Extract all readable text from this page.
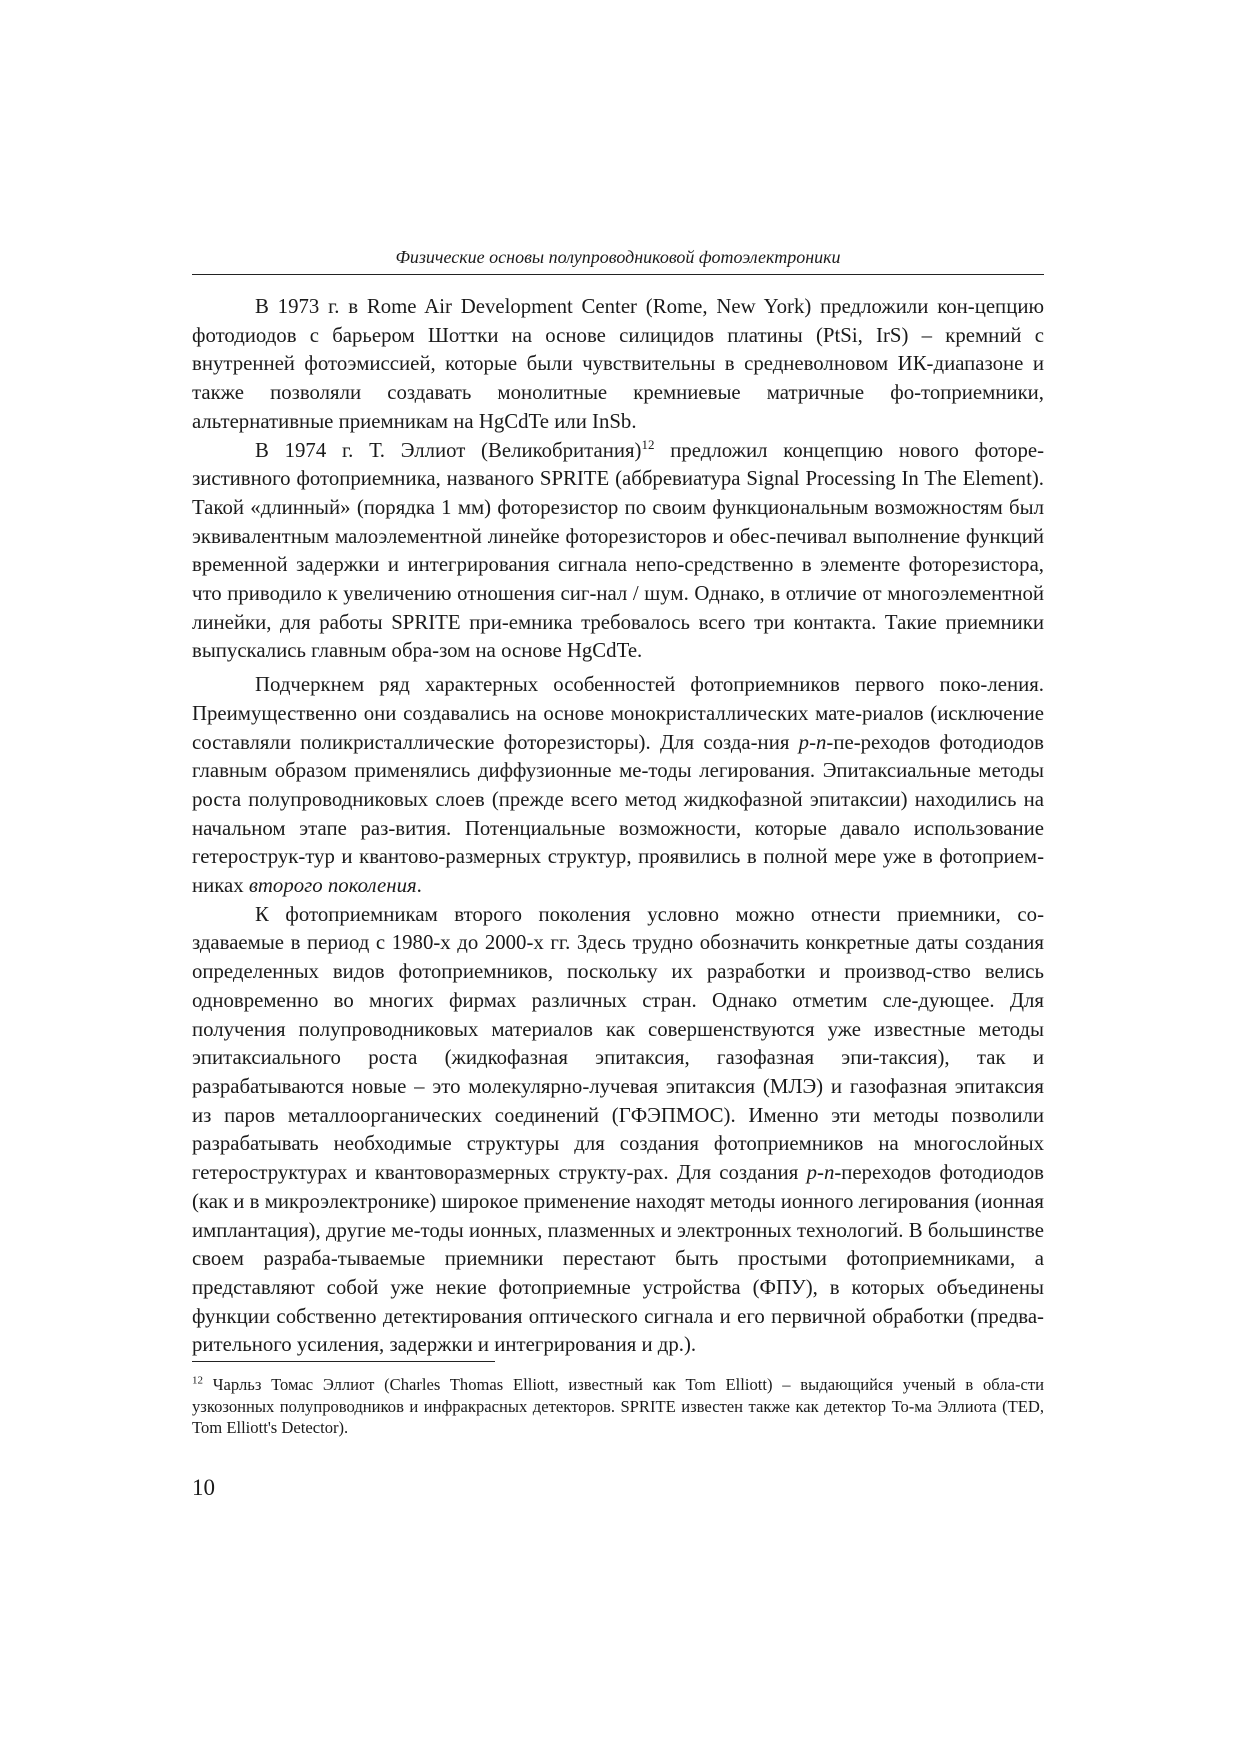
Физические основы полупроводниковой фотоэлектроники

В 1973 г. в Rome Air Development Center (Rome, New York) предложили кон-цепцию фотодиодов с барьером Шоттки на основе силицидов платины (PtSi, IrS) – кремний с внутренней фотоэмиссией, которые были чувствительны в средневолновом ИК-диапазоне и также позволяли создавать монолитные кремниевые матричные фо-топриемники, альтернативные приемникам на HgCdTe или InSb.

В 1974 г. Т. Эллиот (Великобритания)$^{12}$ предложил концепцию нового фоторе-зистивного фотоприемника, названого SPRITE (аббревиатура Signal Processing In The Element). Такой «длинный» (порядка 1 мм) фоторезистор по своим функциональным возможностям был эквивалентным малоэлементной линейке фоторезисторов и обес-печивал выполнение функций временной задержки и интегрирования сигнала непо-средственно в элементе фоторезистора, что приводило к увеличению отношения сиг-нал / шум. Однако, в отличие от многоэлементной линейки, для работы SPRITE при-емника требовалось всего три контакта. Такие приемники выпускались главным обра-зом на основе HgCdTe.

Подчеркнем ряд характерных особенностей фотоприемников первого поко-ления. Преимущественно они создавались на основе монокристаллических мате-риалов (исключение составляли поликристаллические фоторезисторы). Для созда-ния p-n-пе-реходов фотодиодов главным образом применялись диффузионные ме-тоды легирования. Эпитаксиальные методы роста полупроводниковых слоев (прежде всего метод жидкофазной эпитаксии) находились на начальном этапе раз-вития. Потенциальные возможности, которые давало использование гетерострук-тур и квантово-размерных структур, проявились в полной мере уже в фотоприем-никах второго поколения.

К фотоприемникам второго поколения условно можно отнести приемники, со-здаваемые в период с 1980-х до 2000-х гг. Здесь трудно обозначить конкретные даты создания определенных видов фотоприемников, поскольку их разработки и производ-ство велись одновременно во многих фирмах различных стран. Однако отметим сле-дующее. Для получения полупроводниковых материалов как совершенствуются уже известные методы эпитаксиального роста (жидкофазная эпитаксия, газофазная эпи-таксия), так и разрабатываются новые – это молекулярно-лучевая эпитаксия (МЛЭ) и газофазная эпитаксия из паров металлоорганических соединений (ГФЭПМОС). Именно эти методы позволили разрабатывать необходимые структуры для создания фотоприемников на многослойных гетероструктурах и квантоворазмерных структу-рах. Для создания p-n-переходов фотодиодов (как и в микроэлектронике) широкое применение находят методы ионного легирования (ионная имплантация), другие ме-тоды ионных, плазменных и электронных технологий. В большинстве своем разраба-тываемые приемники перестают быть простыми фотоприемниками, а представляют собой уже некие фотоприемные устройства (ФПУ), в которых объединены функции собственно детектирования оптического сигнала и его первичной обработки (предва-рительного усиления, задержки и интегрирования и др.).

$^{12}$ Чарльз Томас Эллиот (Charles Thomas Elliott, известный как Tom Elliott) – выдающийся ученый в обла-сти узкозонных полупроводников и инфракрасных детекторов. SPRITE известен также как детектор То-ма Эллиота (TED, Tom Elliott's Detector).
10
